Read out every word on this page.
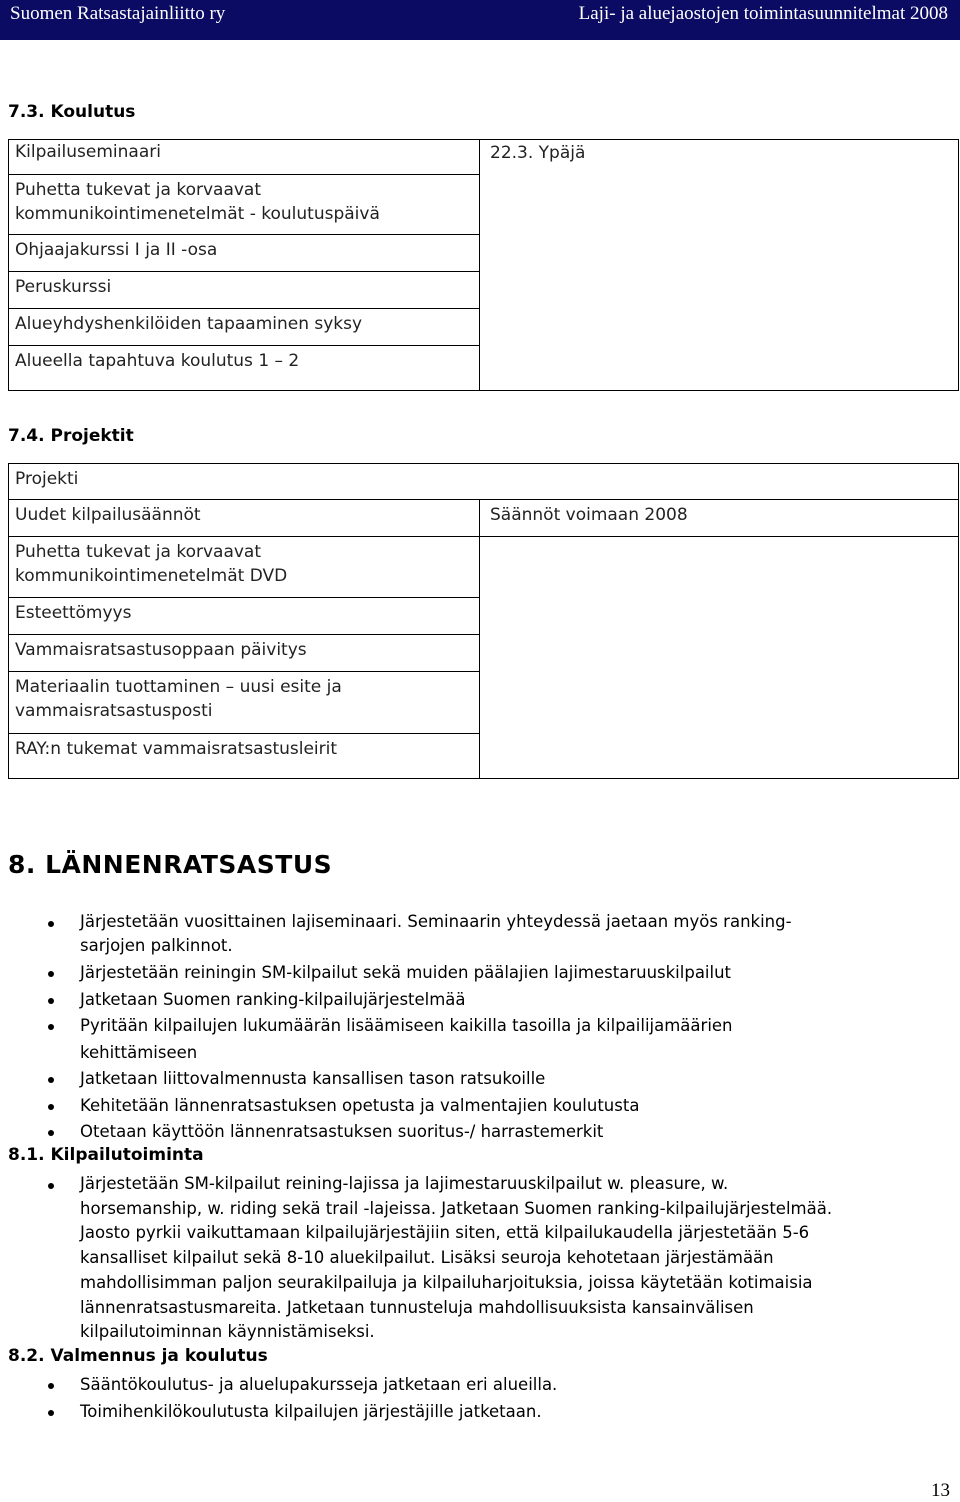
Suomen Ratsastajainliitto ry	Laji- ja aluejaostojen toimintasuunnitelmat 2008
7.3. Koulutus
Kilpailuseminaari	22.3. Ypäjä
Puhetta tukevat ja korvaavat kommunikointimenetelmät - koulutuspäivä
Ohjaajakurssi I ja II -osa
Peruskurssi
Alueyhdyshenkilöiden tapaaminen syksy
Alueella tapahtuva koulutus 1 – 2
7.4. Projektit
Projekti	
Uudet kilpailusäännöt	Säännöt voimaan 2008
Puhetta tukevat ja korvaavat kommunikointimenetelmät DVD	
Esteettömyys	
Vammaisratsastusoppaan päivitys	
Materiaalin tuottaminen – uusi esite ja vammaisratsastusposti	
RAY:n tukemat vammaisratsastusleirit	
8. LÄNNENRATSASTUS
Järjestetään vuosittainen lajiseminaari. Seminaarin yhteydessä jaetaan myös ranking-sarjojen palkinnot.
Järjestetään reiningin SM-kilpailut sekä muiden päälajien lajimestaruuskilpailut
Jatketaan Suomen ranking-kilpailujärjestelmää
Pyritään kilpailujen lukumäärän lisäämiseen kaikilla tasoilla ja kilpailijamäärien kehittämiseen
Jatketaan liittovalmennusta kansallisen tason ratsukoille
Kehitetään lännenratsastuksen opetusta ja valmentajien koulutusta
Otetaan käyttöön lännenratsastuksen suoritus-/ harrastemerkit
8.1. Kilpailutoiminta
Järjestetään SM-kilpailut reining-lajissa ja lajimestaruuskilpailut w. pleasure, w. horsemanship, w. riding sekä trail -lajeissa. Jatketaan Suomen ranking-kilpailujärjestelmää. Jaosto pyrkii vaikuttamaan kilpailujärjestäjiin siten, että kilpailukaudella järjestetään 5-6 kansalliset kilpailut sekä 8-10 aluekilpailut. Lisäksi seuroja kehotetaan järjestämään mahdollisimman paljon seurakilpailuja ja kilpailuharjoituksia, joissa käytetään kotimaisia lännenratsastusmareita. Jatketaan tunnusteluja mahdollisuuksista kansainvälisen kilpailutoiminnan käynnistämiseksi.
8.2. Valmennus ja koulutus
Sääntökoulutus- ja aluelupakursseja jatketaan eri alueilla.
Toimihenkilökoulutusta kilpailujen järjestäjille jatketaan.
13
